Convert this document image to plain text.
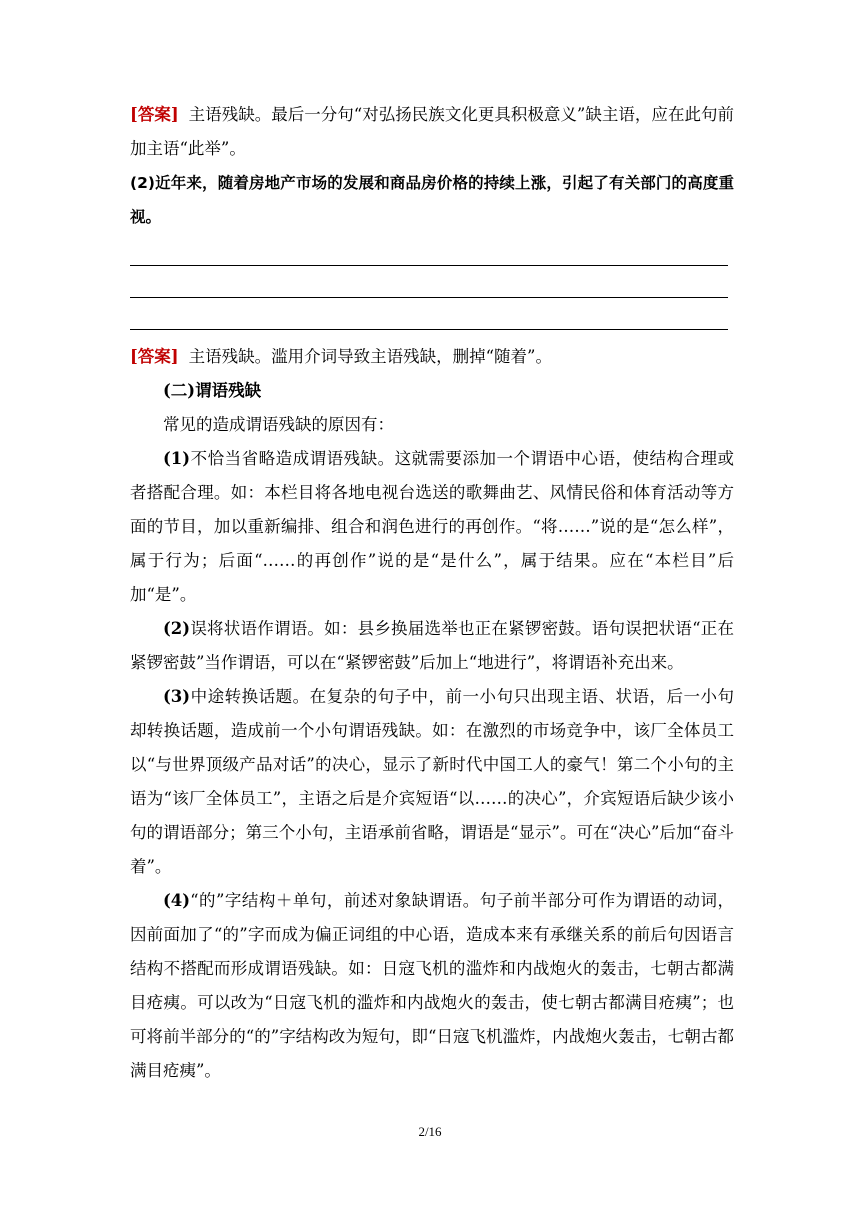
[答案] 主语残缺。最后一分句“对弘扬民族文化更具积极意义”缺主语，应在此句前加主语“此举”。

(2)近年来，随着房地产市场的发展和商品房价格的持续上涨，引起了有关部门的高度重视。

[答案] 主语残缺。滥用介词导致主语残缺，删掉“随着”。

(二)谓语残缺

常见的造成谓语残缺的原因有：

(1)不恰当省略造成谓语残缺。这就需要添加一个谓语中心语，使结构合理或者搭配合理。如：本栏目将各地电视台选送的歌舞曲艺、风情民俗和体育活动等方面的节目，加以重新编排、组合和润色进行的再创作。“将……”说的是“怎么样”，属于行为；后面“……的再创作”说的是“是什么”，属于结果。应在“本栏目”后加“是”。

(2)误将状语作谓语。如：县乡换届选举也正在紧锣密鼓。语句误把状语“正在紧锣密鼓”当作谓语，可以在“紧锣密鼓”后加上“地进行”，将谓语补充出来。

(3)中途转换话题。在复杂的句子中，前一小句只出现主语、状语，后一小句却转换话题，造成前一个小句谓语残缺。如：在激烈的市场竞争中，该厂全体员工以“与世界顶级产品对话”的决心，显示了新时代中国工人的豪气！第二个小句的主语为“该厂全体员工”，主语之后是介宾短语“以……的决心”，介宾短语后缺少该小句的谓语部分；第三个小句，主语承前省略，谓语是“显示”。可在“决心”后加“奋斗着”。

(4)“的”字结构＋单句，前述对象缺谓语。句子前半部分可作为谓语的动词，因前面加了“的”字而成为偏正词组的中心语，造成本来有承继关系的前后句因语言结构不搭配而形成谓语残缺。如：日寇飞机的滥炸和内战炮火的轰击，七朝古都满目疮痍。可以改为“日寇飞机的滥炸和内战炮火的轰击，使七朝古都满目疮痍”；也可将前半部分的“的”字结构改为短句，即“日寇飞机滥炸，内战炮火轰击，七朝古都满目疮痍”。

2/16
